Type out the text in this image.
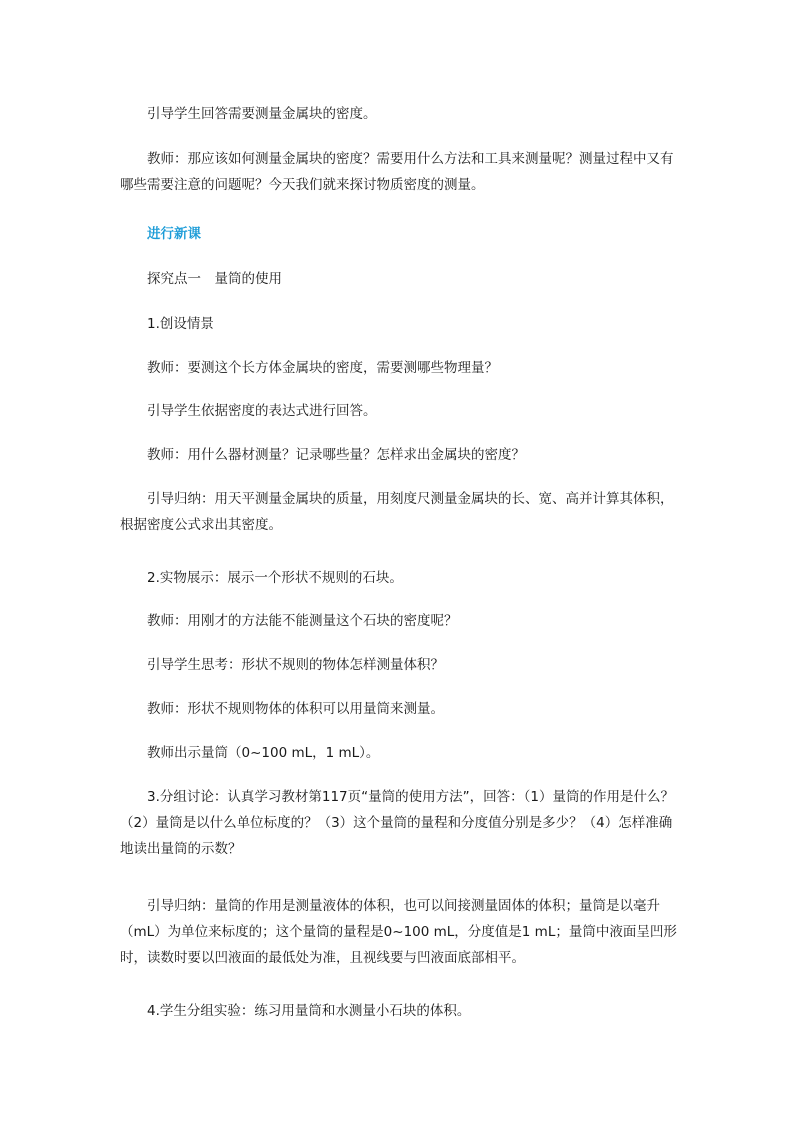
引导学生回答需要测量金属块的密度。

教师：那应该如何测量金属块的密度？需要用什么方法和工具来测量呢？测量过程中又有哪些需要注意的问题呢？今天我们就来探讨物质密度的测量。

进行新课

探究点一　量筒的使用

1.创设情景

教师：要测这个长方体金属块的密度，需要测哪些物理量？

引导学生依据密度的表达式进行回答。

教师：用什么器材测量？记录哪些量？怎样求出金属块的密度？

引导归纳：用天平测量金属块的质量，用刻度尺测量金属块的长、宽、高并计算其体积，根据密度公式求出其密度。

2.实物展示：展示一个形状不规则的石块。

教师：用刚才的方法能不能测量这个石块的密度呢？

引导学生思考：形状不规则的物体怎样测量体积？

教师：形状不规则物体的体积可以用量筒来测量。

教师出示量筒（0~100 mL，1 mL）。

3.分组讨论：认真学习教材第117页“量筒的使用方法”，回答：（1）量筒的作用是什么？（2）量筒是以什么单位标度的？（3）这个量筒的量程和分度值分别是多少？（4）怎样准确地读出量筒的示数？

引导归纳：量筒的作用是测量液体的体积，也可以间接测量固体的体积；量筒是以毫升（mL）为单位来标度的；这个量筒的量程是0~100 mL，分度值是1 mL；量筒中液面呈凹形时，读数时要以凹液面的最低处为准，且视线要与凹液面底部相平。

4.学生分组实验：练习用量筒和水测量小石块的体积。
